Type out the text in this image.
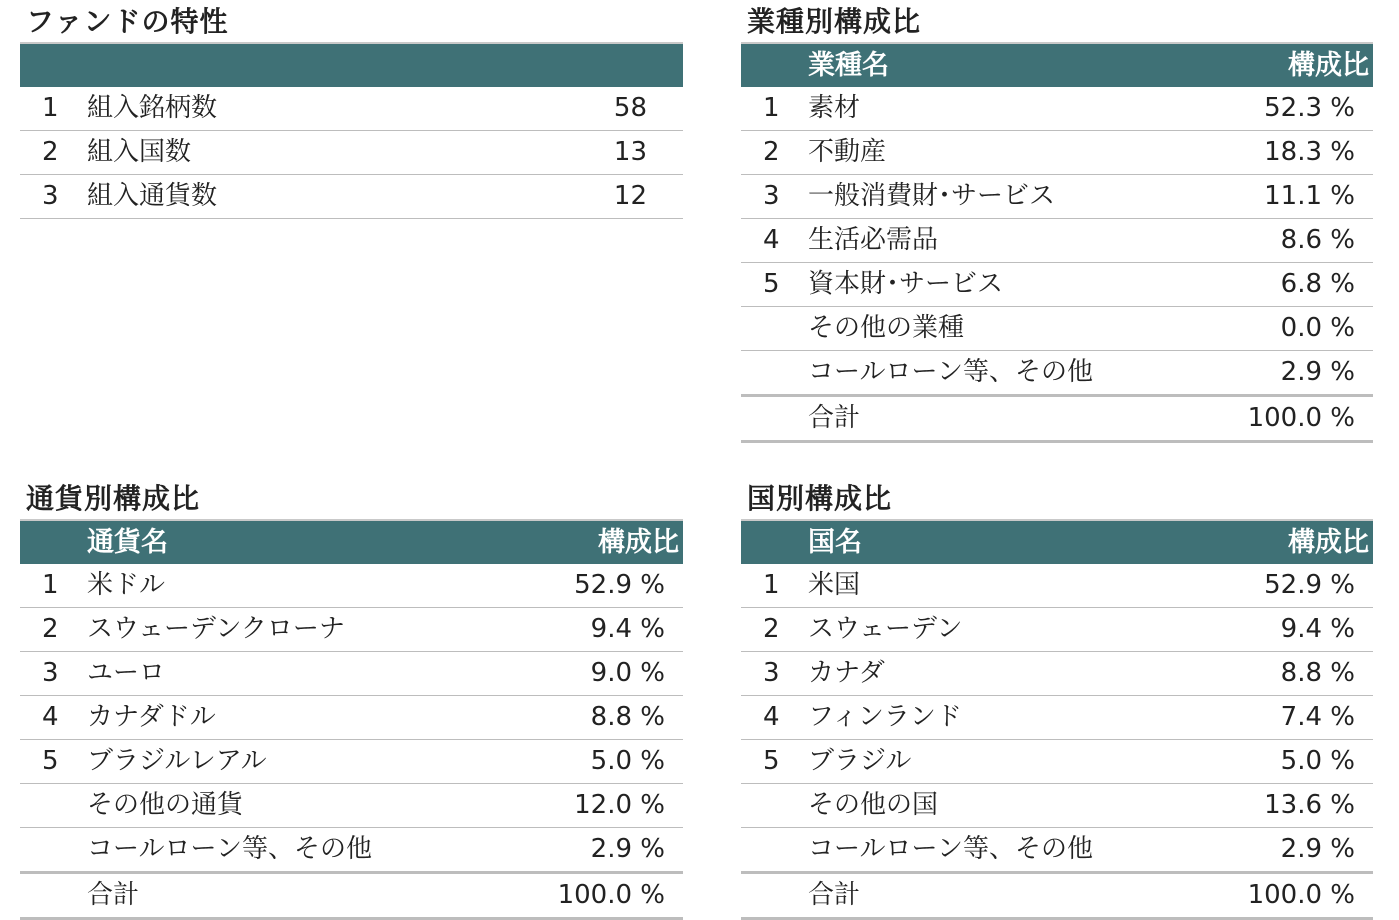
ファンドの特性
1 組入銘柄数	58
2 組入国数	13
3 組入通貨数	12
業種別構成比
業種名	構成比
1 素材	52.3 %
2 不動産	18.3 %
3 一般消費財･サービス	11.1 %
4 生活必需品	8.6 %
5 資本財･サービス	6.8 %
その他の業種	0.0 %
コールローン等、その他	2.9 %
合計	100.0 %
通貨別構成比
通貨名	構成比
1 米ドル	52.9 %
2 スウェーデンクローナ	9.4 %
3 ユーロ	9.0 %
4 カナダドル	8.8 %
5 ブラジルレアル	5.0 %
その他の通貨	12.0 %
コールローン等、その他	2.9 %
合計	100.0 %
国別構成比
国名	構成比
1 米国	52.9 %
2 スウェーデン	9.4 %
3 カナダ	8.8 %
4 フィンランド	7.4 %
5 ブラジル	5.0 %
その他の国	13.6 %
コールローン等、その他	2.9 %
合計	100.0 %
